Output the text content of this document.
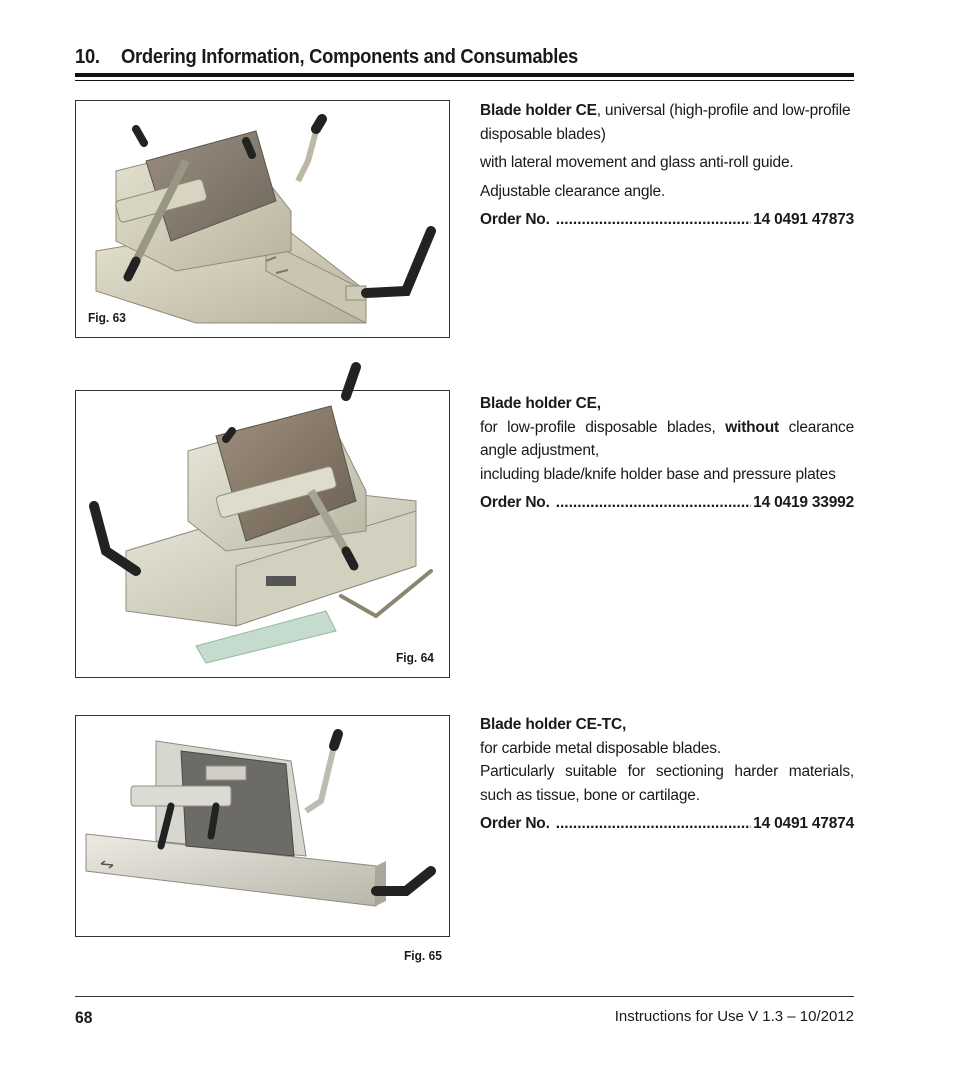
10. Ordering Information, Components and Consumables
Fig. 63

Blade holder CE, universal (high-profile and low-profile disposable blades)

with lateral movement and glass anti-roll guide.

Adjustable clearance angle.

Order No. .....	14 0491 47873
Fig. 64

Blade holder CE,

for low-profile disposable blades, without clearance angle adjustment,

including blade/knife holder base and pressure plates

Order No. .....	14 0419 33992
Fig. 65

Blade holder CE-TC,

for carbide metal disposable blades.

Particularly suitable for sectioning harder materials, such as tissue, bone or cartilage.

Order No. .....	14 0491 47874
68	Instructions for Use V 1.3 – 10/2012
